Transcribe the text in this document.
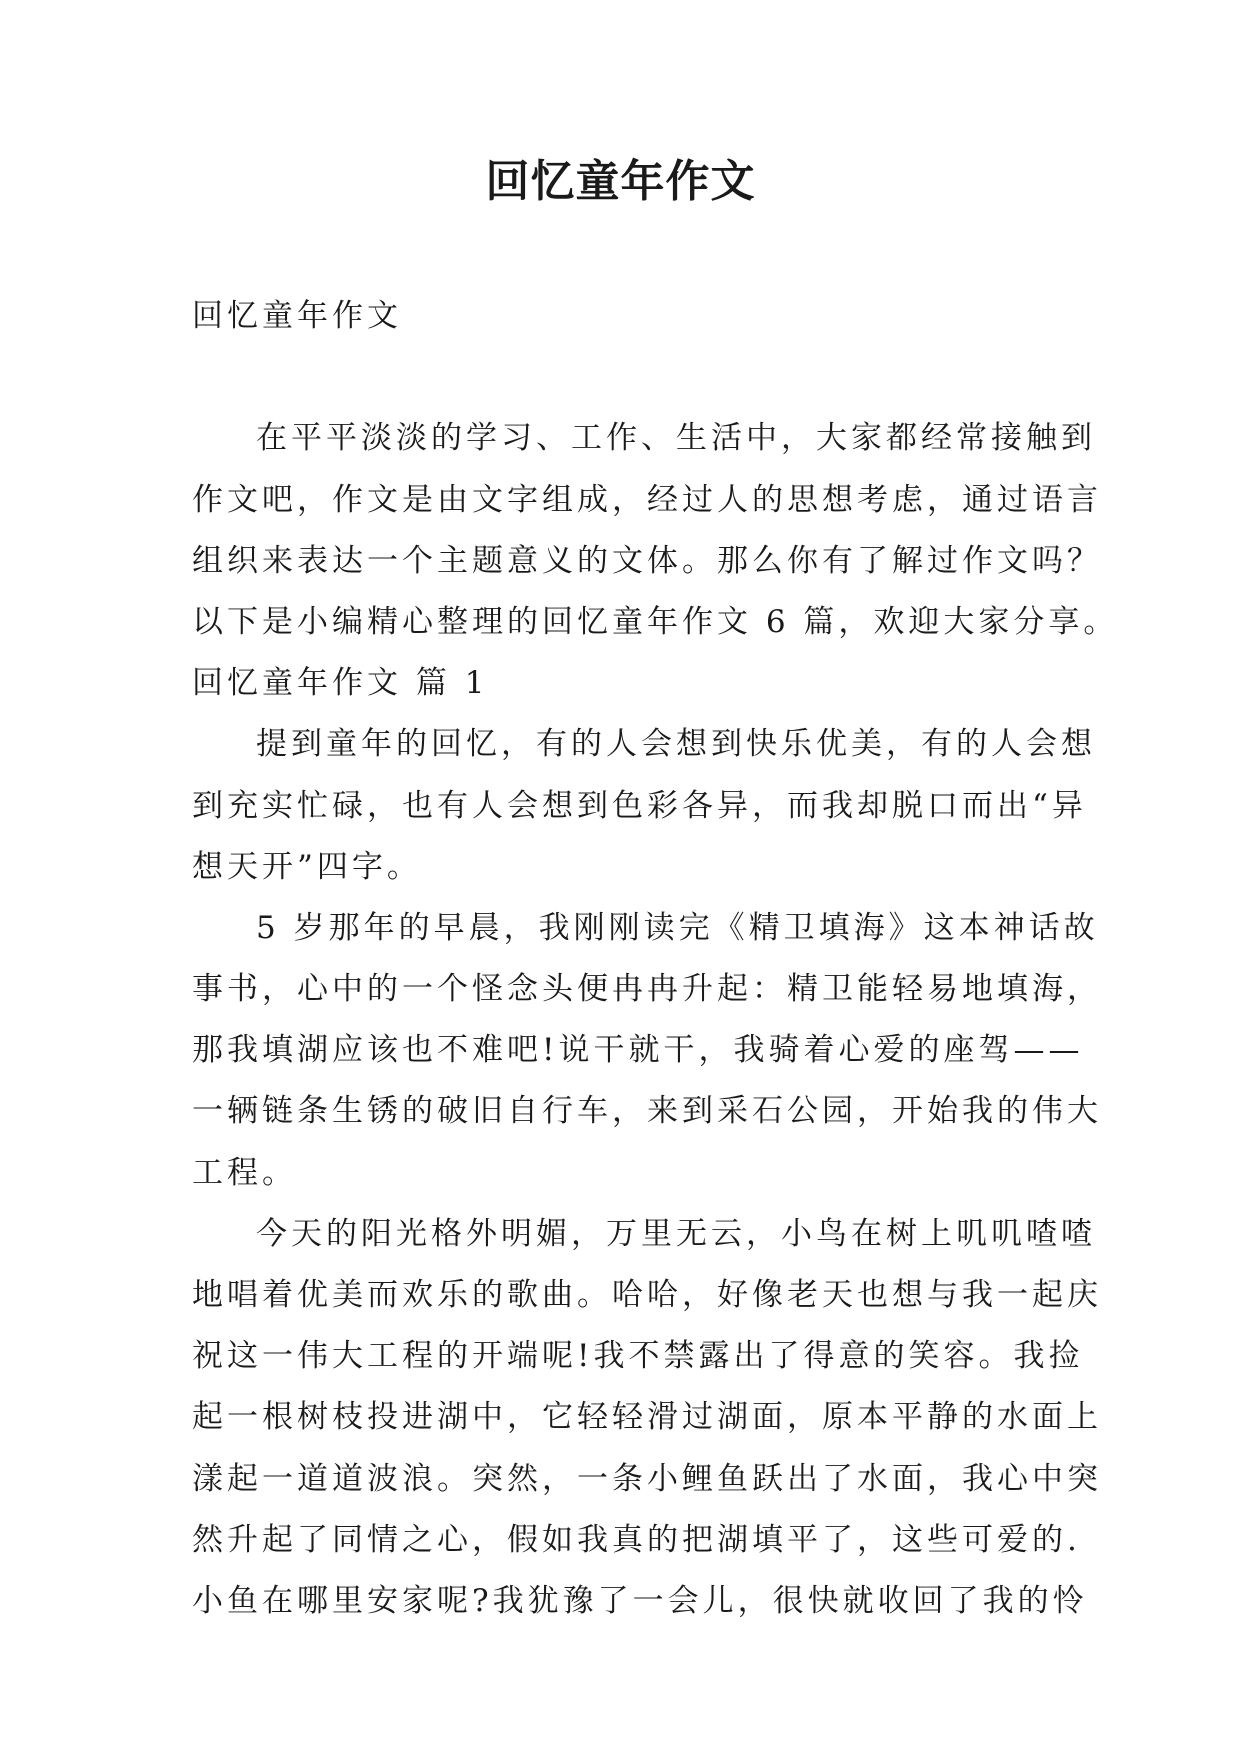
回忆童年作文
回忆童年作文
在平平淡淡的学习、工作、生活中，大家都经常接触到
作文吧，作文是由文字组成，经过人的思想考虑，通过语言
组织来表达一个主题意义的文体。那么你有了解过作文吗？
以下是小编精心整理的回忆童年作文 6 篇，欢迎大家分享。
回忆童年作文 篇 1
提到童年的回忆，有的人会想到快乐优美，有的人会想
到充实忙碌，也有人会想到色彩各异，而我却脱口而出“异
想天开”四字。
5 岁那年的早晨，我刚刚读完《精卫填海》这本神话故
事书，心中的一个怪念头便冉冉升起：精卫能轻易地填海，
那我填湖应该也不难吧!说干就干，我骑着心爱的座驾——
一辆链条生锈的破旧自行车，来到采石公园，开始我的伟大
工程。
今天的阳光格外明媚，万里无云，小鸟在树上叽叽喳喳
地唱着优美而欢乐的歌曲。哈哈，好像老天也想与我一起庆
祝这一伟大工程的开端呢!我不禁露出了得意的笑容。我捡
起一根树枝投进湖中，它轻轻滑过湖面，原本平静的水面上
漾起一道道波浪。突然，一条小鲤鱼跃出了水面，我心中突
然升起了同情之心，假如我真的把湖填平了，这些可爱的.
小鱼在哪里安家呢?我犹豫了一会儿，很快就收回了我的怜
